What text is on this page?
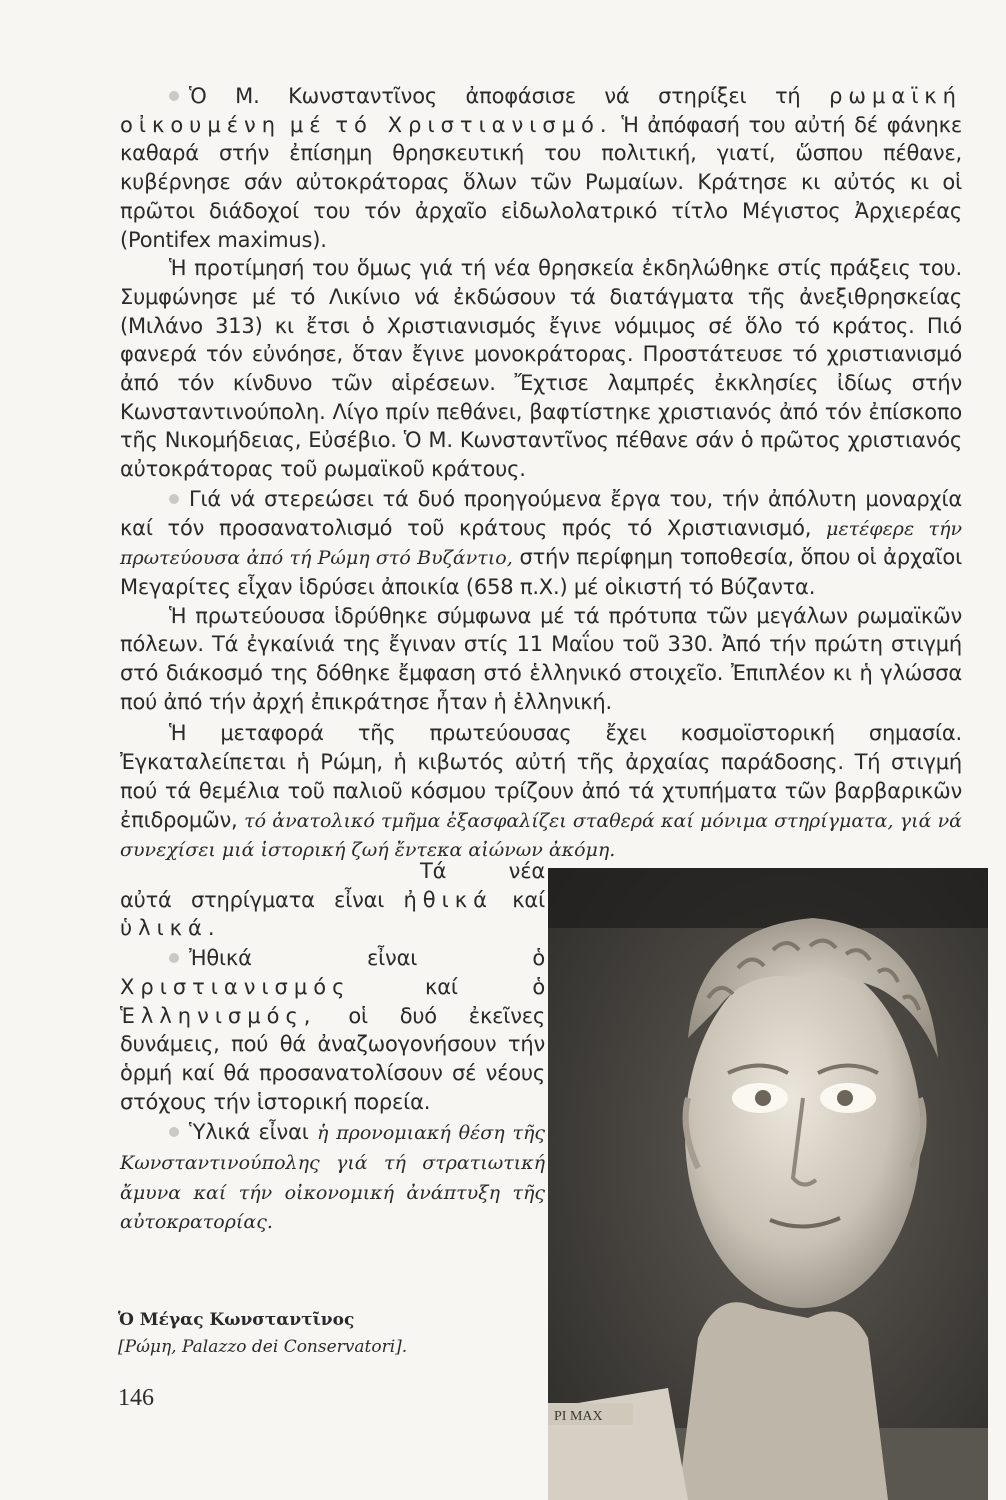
Ὁ Μ. Κωνσταντῖνος ἀποφάσισε νά στηρίξει τή ρωμαϊκή οἰκουμένη μέ τό Χριστιανισμό. Ἡ ἀπόφασή του αὐτή δέ φάνηκε καθαρά στήν ἐπίσημη θρησκευτική του πολιτική, γιατί, ὥσπου πέθανε, κυβέρνησε σάν αὐτοκράτορας ὅλων τῶν Ρωμαίων. Κράτησε κι αὐτός κι οἱ πρῶτοι διάδοχοί του τόν ἀρχαῖο εἰδωλολατρικό τίτλο Μέγιστος Ἀρχιερέας (Pontifex maximus).

Ἡ προτίμησή του ὅμως γιά τή νέα θρησκεία ἐκδηλώθηκε στίς πράξεις του. Συμφώνησε μέ τό Λικίνιο νά ἐκδώσουν τά διατάγματα τῆς ἀνεξιθρησκείας (Μιλάνο 313) κι ἔτσι ὁ Χριστιανισμός ἔγινε νόμιμος σέ ὅλο τό κράτος. Πιό φανερά τόν εὐνόησε, ὅταν ἔγινε μονοκράτορας. Προστάτευσε τό χριστιανισμό ἀπό τόν κίνδυνο τῶν αἱρέσεων. Ἔχτισε λαμπρές ἐκκλησίες ἰδίως στήν Κωνσταντινούπολη. Λίγο πρίν πεθάνει, βαφτίστηκε χριστιανός ἀπό τόν ἐπίσκοπο τῆς Νικομήδειας, Εὐσέβιο. Ὁ Μ. Κωνσταντῖνος πέθανε σάν ὁ πρῶτος χριστιανός αὐτοκράτορας τοῦ ρωμαϊκοῦ κράτους.

Γιά νά στερεώσει τά δυό προηγούμενα ἔργα του, τήν ἀπόλυτη μοναρχία καί τόν προσανατολισμό τοῦ κράτους πρός τό Χριστιανισμό, μετέφερε τήν πρωτεύουσα ἀπό τή Ρώμη στό Βυζάντιο, στήν περίφημη τοποθεσία, ὅπου οἱ ἀρχαῖοι Μεγαρίτες εἶχαν ἱδρύσει ἀποικία (658 π.Χ.) μέ οἰκιστή τό Βύζαντα.

Ἡ πρωτεύουσα ἱδρύθηκε σύμφωνα μέ τά πρότυπα τῶν μεγάλων ρωμαϊκῶν πόλεων. Τά ἐγκαίνιά της ἔγιναν στίς 11 Μαΐου τοῦ 330. Ἀπό τήν πρώτη στιγμή στό διάκοσμό της δόθηκε ἔμφαση στό ἑλληνικό στοιχεῖο. Ἐπιπλέον κι ἡ γλώσσα πού ἀπό τήν ἀρχή ἐπικράτησε ἦταν ἡ ἑλληνική.

Ἡ μεταφορά τῆς πρωτεύουσας ἔχει κοσμοϊστορική σημασία. Ἐγκαταλείπεται ἡ Ρώμη, ἡ κιβωτός αὐτή τῆς ἀρχαίας παράδοσης. Τή στιγμή πού τά θεμέλια τοῦ παλιοῦ κόσμου τρίζουν ἀπό τά χτυπήματα τῶν βαρβαρικῶν ἐπιδρομῶν, τό ἀνατολικό τμῆμα ἐξασφαλίζει σταθερά καί μόνιμα στηρίγματα, γιά νά συνεχίσει μιά ἱστορική ζωή ἔντεκα αἰώνων ἀκόμη.

Τά νέα αὐτά στηρίγματα εἶναι ἠθικά καί ὑλικά.

Ἠθικά εἶναι ὁ Χριστιανισμός	καί ὁ Ἑλληνισμός, οἱ δυό ἐκεῖνες δυνάμεις, πού θά ἀναζωογονήσουν τήν ὁρμή καί θά προσανατολίσουν σέ νέους στόχους τήν ἱστορική πορεία.

Ὑλικά εἶναι ἡ προνομιακή θέση τῆς Κωνσταντινούπολης γιά τή στρατιωτική ἄμυνα καί τήν οἰκονομική ἀνάπτυξη τῆς αὐτοκρατορίας.

PI MAX
Ὁ Μέγας Κωνσταντῖνος
[Ρώμη, Palazzo dei Conservatori].
146
